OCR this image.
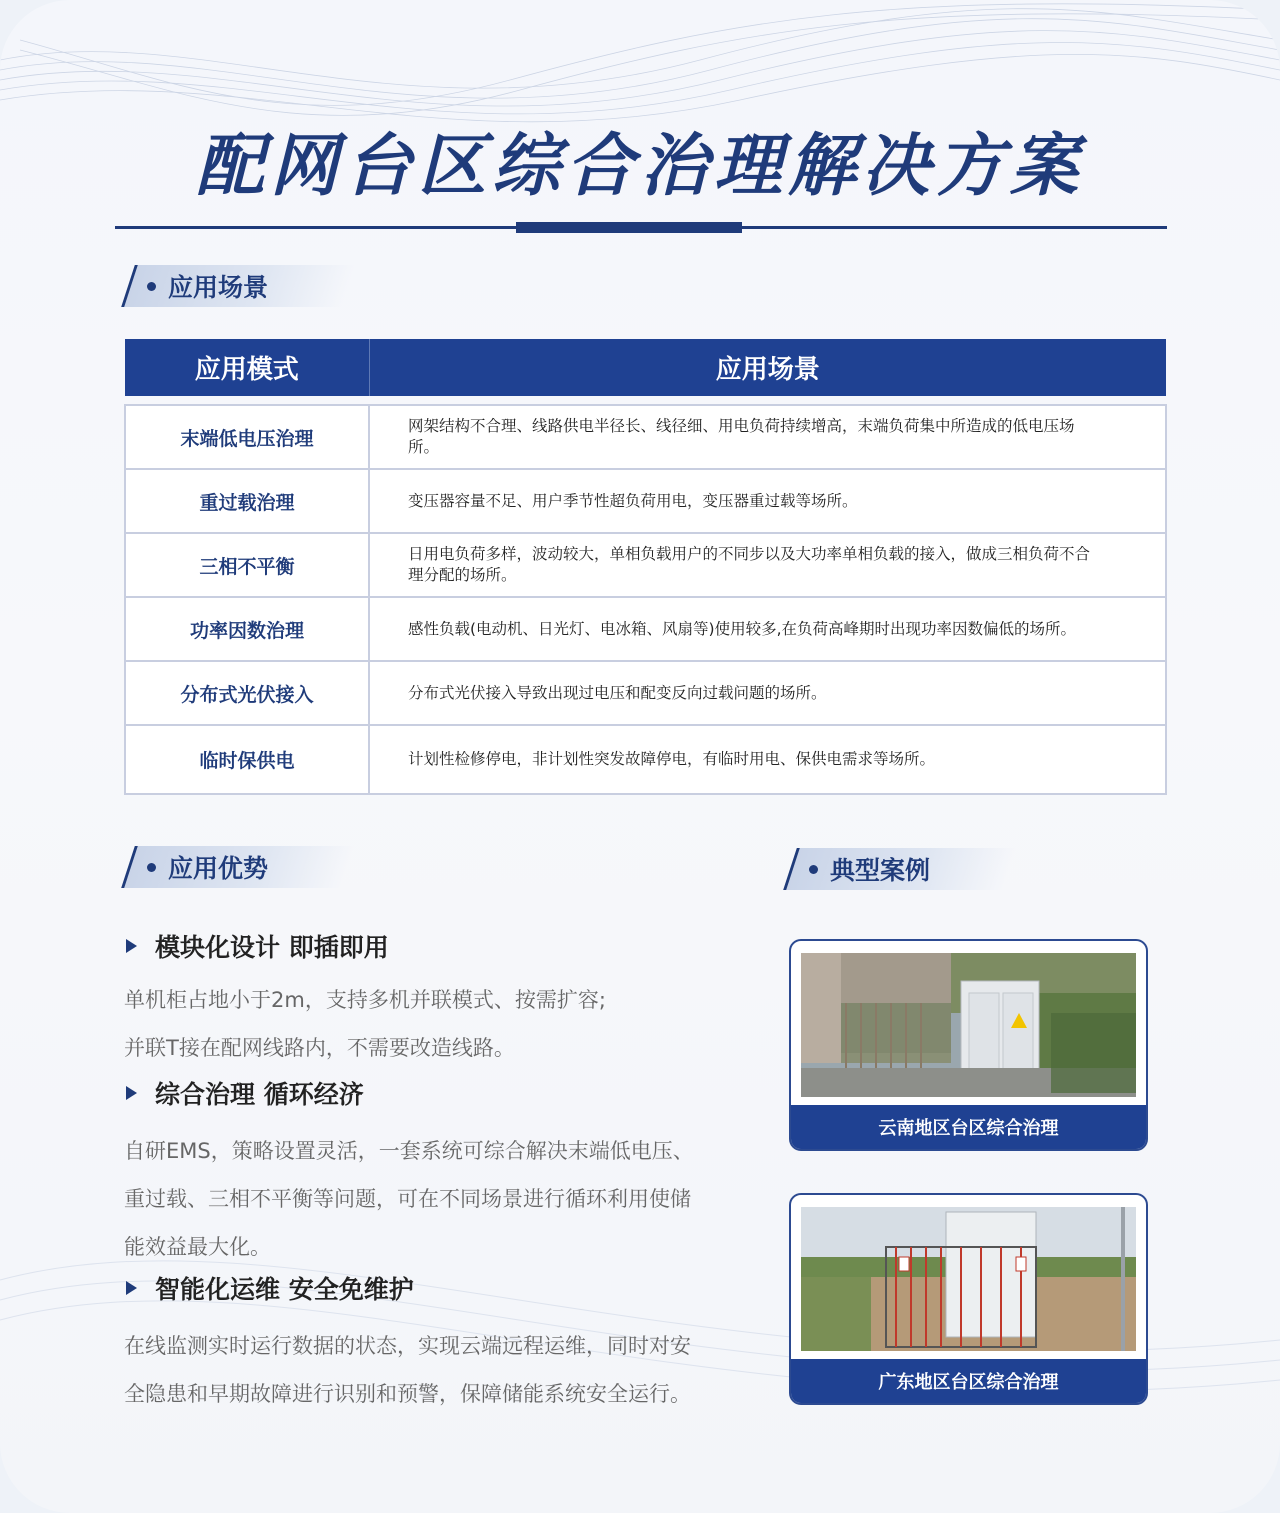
配网台区综合治理解决方案
应用场景
应用模式	应用场景

末端低电压治理	网架结构不合理、线路供电半径长、线径细、用电负荷持续增高，末端负荷集中所造成的低电压场所。
重过载治理	变压器容量不足、用户季节性超负荷用电，变压器重过载等场所。
三相不平衡	日用电负荷多样，波动较大，单相负载用户的不同步以及大功率单相负载的接入，做成三相负荷不合理分配的场所。
功率因数治理	感性负载(电动机、日光灯、电冰箱、风扇等)使用较多,在负荷高峰期时出现功率因数偏低的场所。
分布式光伏接入	分布式光伏接入导致出现过电压和配变反向过载问题的场所。
临时保供电	计划性检修停电，非计划性突发故障停电，有临时用电、保供电需求等场所。
应用优势	典型案例
模块化设计 即插即用
单机柜占地小于2m，支持多机并联模式、按需扩容;
并联T接在配网线路内，不需要改造线路。
综合治理 循环经济
自研EMS，策略设置灵活，一套系统可综合解决末端低电压、
重过载、三相不平衡等问题，可在不同场景进行循环利用使储
能效益最大化。
智能化运维 安全免维护
在线监测实时运行数据的状态，实现云端远程运维，同时对安
全隐患和早期故障进行识别和预警，保障储能系统安全运行。
云南地区台区综合治理
广东地区台区综合治理
